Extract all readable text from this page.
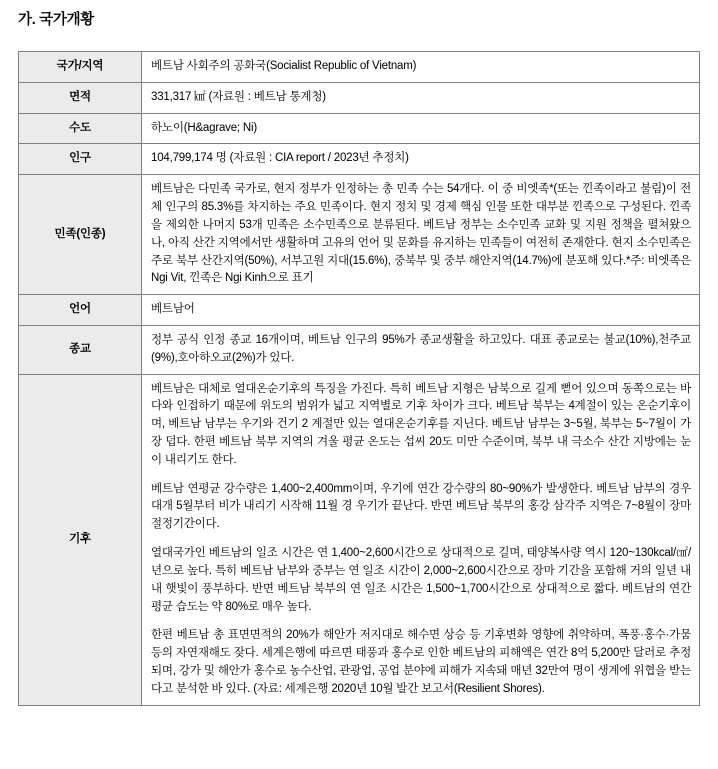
가. 국가개황
국가/지역	베트남 사회주의 공화국(Socialist Republic of Vietnam)

면적	331,317 ㎢ (자료원 : 베트남 통계청)

수도	하노이(H&agrave; Ni)

인구	104,799,174 명 (자료원 : CIA report / 2023년 추정치)

민족(인종)	베트남은 다민족 국가로, 현지 정부가 인정하는 총 민족 수는 54개다. 이 중 비엣족*(또는 낀족이라고 불림)이 전체 인구의 85.3%를 차지하는 주요 민족이다. 현지 정치 및 경제 핵심 인물 또한 대부분 낀족으로 구성된다. 낀족을 제외한 나머지 53개 민족은 소수민족으로 분류된다. 베트남 정부는 소수민족 교화 및 지원 정책을 펼쳐왔으나, 아직 산간 지역에서만 생활하며 고유의 언어 및 문화를 유지하는 민족들이 여전히 존재한다. 현지 소수민족은 주로 북부 산간지역(50%), 서부고원 지대(15.6%), 중북부 및 중부 해안지역(14.7%)에 분포해 있다.*주: 비엣족은 Ngi Vit, 낀족은 Ngi Kinh으로 표기

언어	베트남어

종교	정부 공식 인정 종교 16개이며, 베트남 인구의 95%가 종교생활을 하고있다. 대표 종교로는 불교(10%),천주교(9%),호아하오교(2%)가 있다.

기후	베트남은 대체로 열대온순기후의 특징을 가진다. 특히 베트남 지형은 남북으로 길게 뻗어 있으며 동쪽으로는 바다와 인접하기 때문에 위도의 범위가 넓고 지역별로 기후 차이가 크다. 베트남 북부는 4계절이 있는 온순기후이며, 베트남 남부는 우기와 건기 2 계절만 있는 열대온순기후를 지닌다. 베트남 남부는 3~5월, 북부는 5~7월이 가장 덥다. 한편 베트남 북부 지역의 겨울 평균 온도는 섭씨 20도 미만 수준이며, 북부 내 극소수 산간 지방에는 눈이 내리기도 한다.

베트남 연평균 강수량은 1,400~2,400mm이며, 우기에 연간 강수량의 80~90%가 발생한다. 베트남 남부의 경우 대개 5월부터 비가 내리기 시작해 11월 경 우기가 끝난다. 반면 베트남 북부의 홍강 삼각주 지역은 7~8월이 장마 절정기간이다.

열대국가인 베트남의 일조 시간은 연 1,400~2,600시간으로 상대적으로 길며, 태양복사량 역시 120~130kcal/㎠/년으로 높다. 특히 베트남 남부와 중부는 연 일조 시간이 2,000~2,600시간으로 장마 기간을 포함해 거의 일년 내내 햇빛이 풍부하다. 반면 베트남 북부의 연 일조 시간은 1,500~1,700시간으로 상대적으로 짧다. 베트남의 연간 평균 습도는 약 80%로 매우 높다.

한편 베트남 총 표면면적의 20%가 해안가 저지대로 해수면 상승 등 기후변화 영향에 취약하며, 폭풍·홍수·가뭄 등의 자연재해도 잦다. 세계은행에 따르면 태풍과 홍수로 인한 베트남의 피해액은 연간 8억 5,200만 달러로 추정되며, 강가 및 해안가 홍수로 농수산업, 관광업, 공업 분야에 피해가 지속돼 매년 32만여 명이 생계에 위협을 받는다고 분석한 바 있다. (자료: 세계은행 2020년 10월 발간 보고서(Resilient Shores).
